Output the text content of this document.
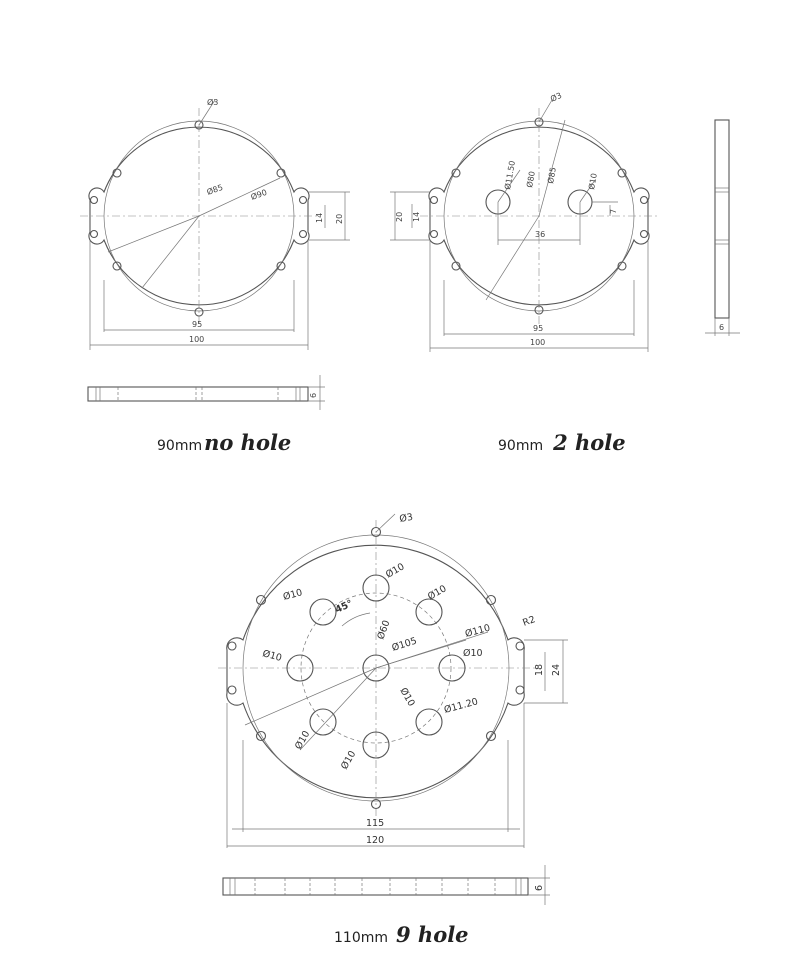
Ø3
Ø85	Ø90
95
100
14 20
6
90mmno hole
Ø3
Ø11.50 Ø80 Ø85	Ø10
36
7
20 14
95
100
6
90mm 2 hole
Ø3
Ø10
Ø10	Ø10
Ø10	Ø10
Ø10
Ø10
Ø10
Ø60
Ø105
Ø110
Ø11.20
R2
45°
18 24
115
120
6
110mm 9 hole
